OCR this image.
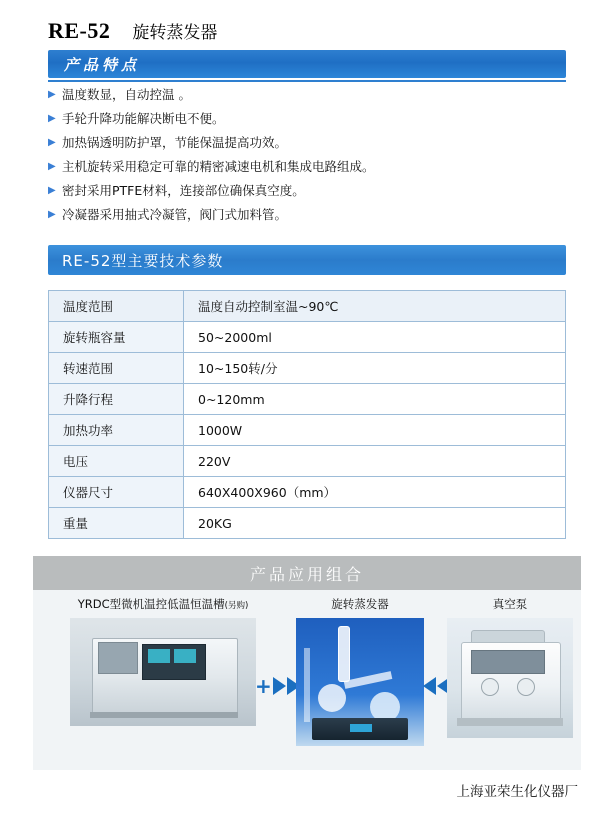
RE-52 旋转蒸发器
产品特点
▶ 温度数显，自动控温 。
▶ 手轮升降功能解决断电不便。
▶ 加热锅透明防护罩，节能保温提高功效。
▶ 主机旋转采用稳定可靠的精密减速电机和集成电路组成。
▶ 密封采用PTFE材料，连接部位确保真空度。
▶ 冷凝器采用抽式冷凝管，阀门式加料管。
RE-52型主要技术参数
温度范围	温度自动控制室温~90℃
旋转瓶容量	50~2000ml
转速范围	10~150转/分
升降行程	0~120mm
加热功率	1000W
电压	220V
仪器尺寸	640X400X960（mm）
重量	20KG
产品应用组合
YRDC型微机温控低温恒温槽(另购)
+
旋转蒸发器	真空泵
上海亚荣生化仪器厂
